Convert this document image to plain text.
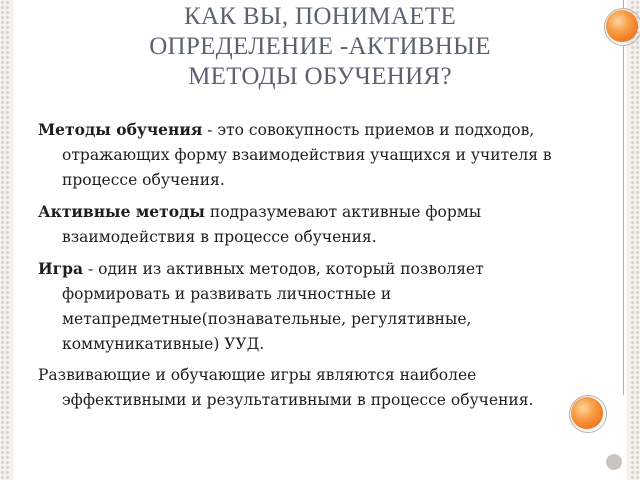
КАК ВЫ, ПОНИМАЕТЕ
ОПРЕДЕЛЕНИЕ -АКТИВНЫЕ
МЕТОДЫ ОБУЧЕНИЯ?

Методы обучения - это совокупность приемов и подходов, отражающих форму взаимодействия учащихся и учителя в процессе обучения.

Активные методы подразумевают активные формы взаимодействия в процессе обучения.

Игра - один из активных методов, который позволяет формировать и развивать личностные и метапредметные(познавательные, регулятивные, коммуникативные) УУД.

Развивающие и обучающие игры являются наиболее эффективными и результативными в процессе обучения.
